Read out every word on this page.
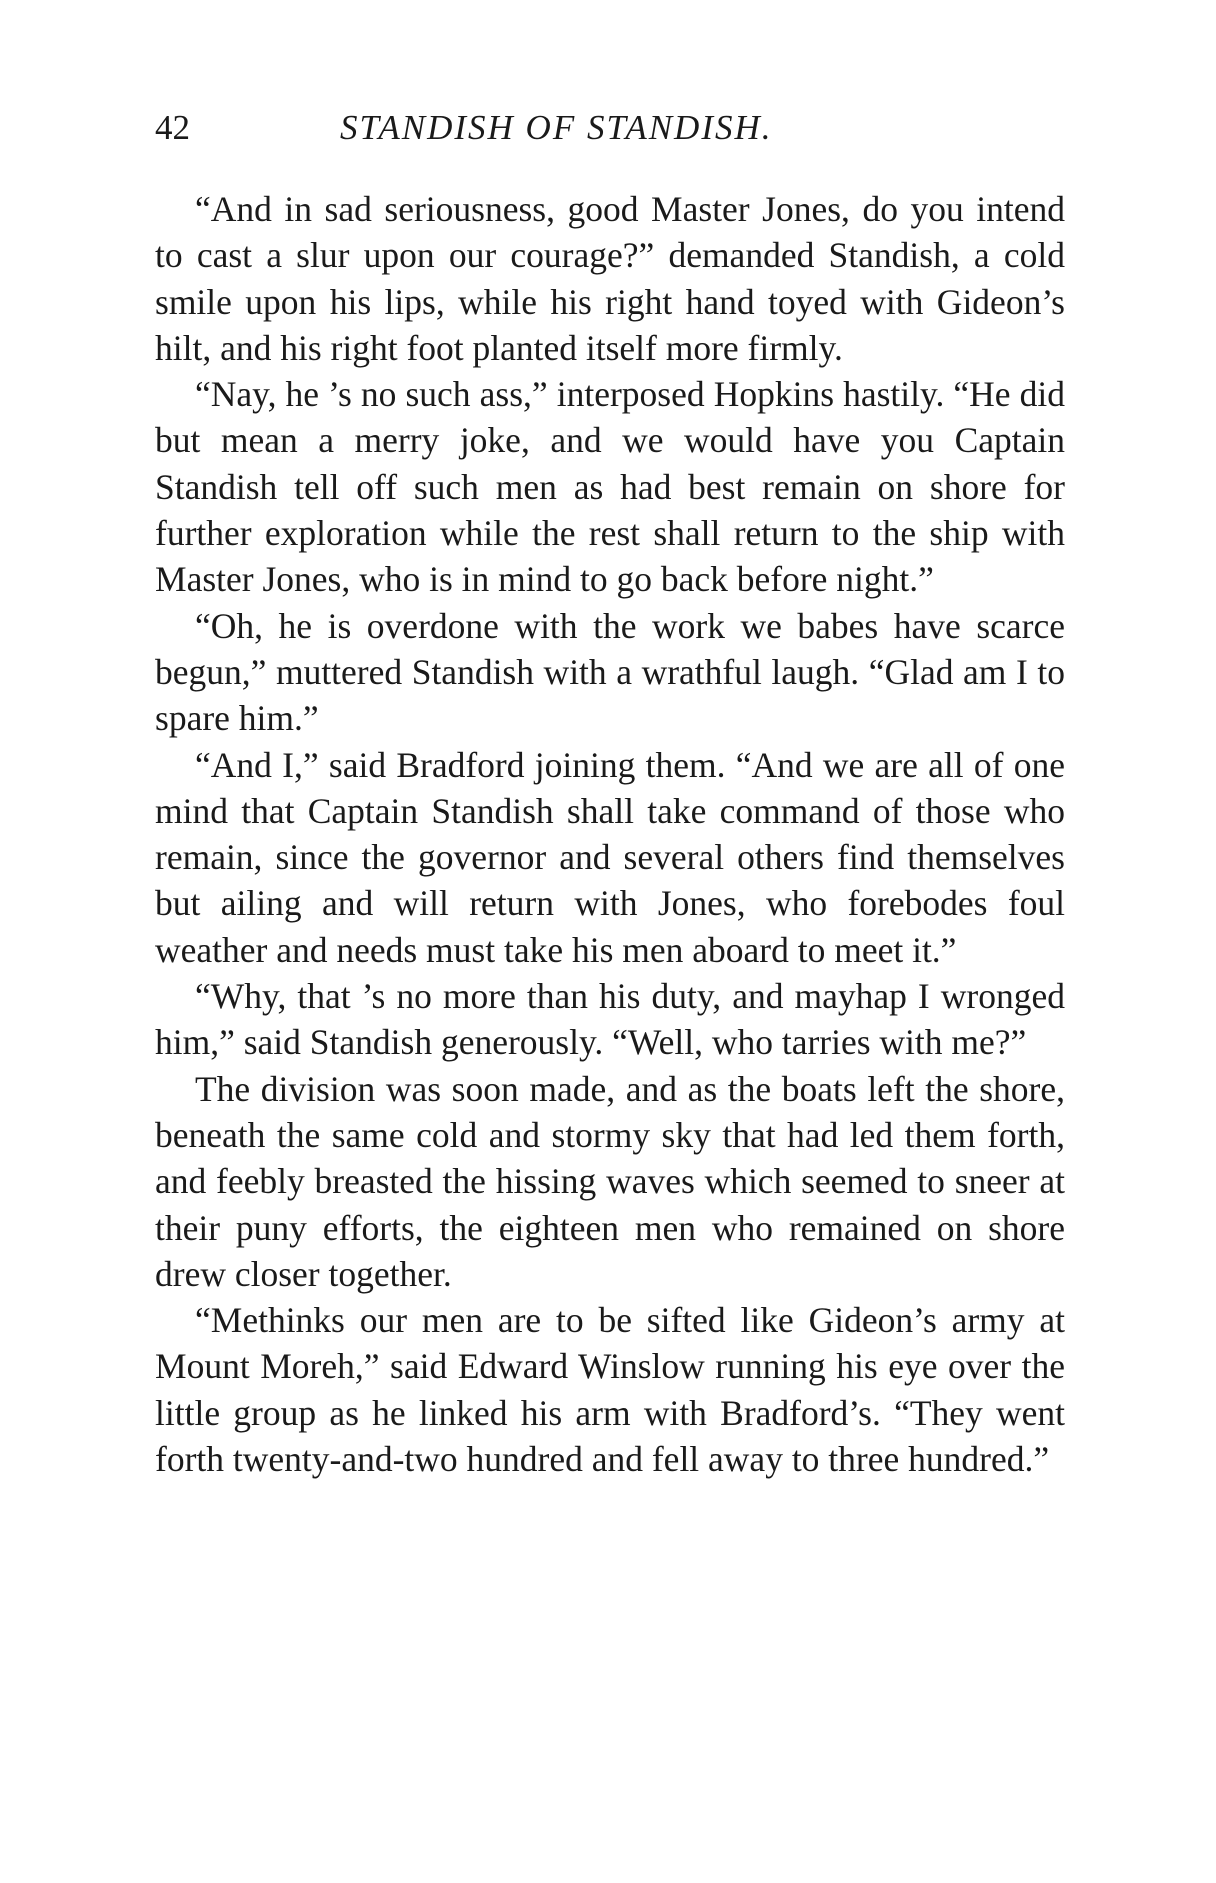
42	STANDISH OF STANDISH.

“And in sad seriousness, good Master Jones, do you intend to cast a slur upon our courage?” demanded Standish, a cold smile upon his lips, while his right hand toyed with Gideon’s hilt, and his right foot planted itself more firmly.

“Nay, he ’s no such ass,” interposed Hopkins hastily. “He did but mean a merry joke, and we would have you Captain Standish tell off such men as had best remain on shore for further exploration while the rest shall return to the ship with Master Jones, who is in mind to go back before night.”

“Oh, he is overdone with the work we babes have scarce begun,” muttered Standish with a wrathful laugh. “Glad am I to spare him.”

“And I,” said Bradford joining them. “And we are all of one mind that Captain Standish shall take command of those who remain, since the governor and several others find themselves but ailing and will return with Jones, who forebodes foul weather and needs must take his men aboard to meet it.”

“Why, that ’s no more than his duty, and mayhap I wronged him,” said Standish generously. “Well, who tarries with me?”

The division was soon made, and as the boats left the shore, beneath the same cold and stormy sky that had led them forth, and feebly breasted the hissing waves which seemed to sneer at their puny efforts, the eighteen men who remained on shore drew closer together.

“Methinks our men are to be sifted like Gideon’s army at Mount Moreh,” said Edward Winslow running his eye over the little group as he linked his arm with Bradford’s. “They went forth twenty-and-two hundred and fell away to three hundred.”
